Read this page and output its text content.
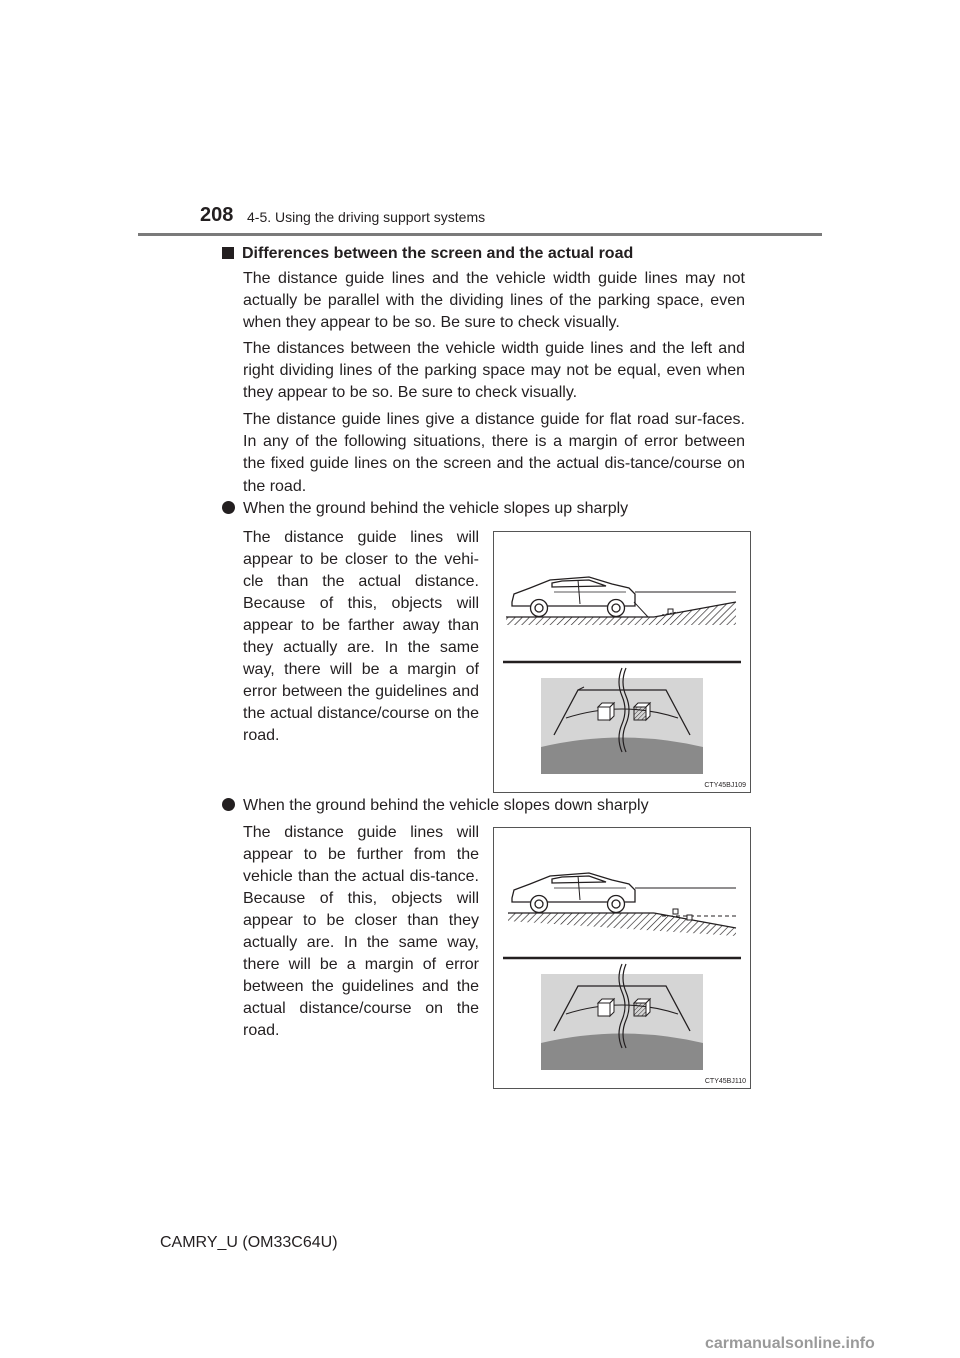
208 4-5. Using the driving support systems
Differences between the screen and the actual road
The distance guide lines and the vehicle width guide lines may not actually be parallel with the dividing lines of the parking space, even when they appear to be so. Be sure to check visually.
The distances between the vehicle width guide lines and the left and right dividing lines of the parking space may not be equal, even when they appear to be so. Be sure to check visually.
The distance guide lines give a distance guide for flat road sur-faces. In any of the following situations, there is a margin of error between the fixed guide lines on the screen and the actual dis-tance/course on the road.
When the ground behind the vehicle slopes up sharply
The distance guide lines will appear to be closer to the vehi-cle than the actual distance. Because of this, objects will appear to be farther away than they actually are. In the same way, there will be a margin of error between the guidelines and the actual distance/course on the road.
CTY45BJ109
When the ground behind the vehicle slopes down sharply
The distance guide lines will appear to be further from the vehicle than the actual dis-tance. Because of this, objects will appear to be closer than they actually are. In the same way, there will be a margin of error between the guidelines and the actual distance/course on the road.
CTY45BJ110
CAMRY_U (OM33C64U)
carmanualsonline.info
